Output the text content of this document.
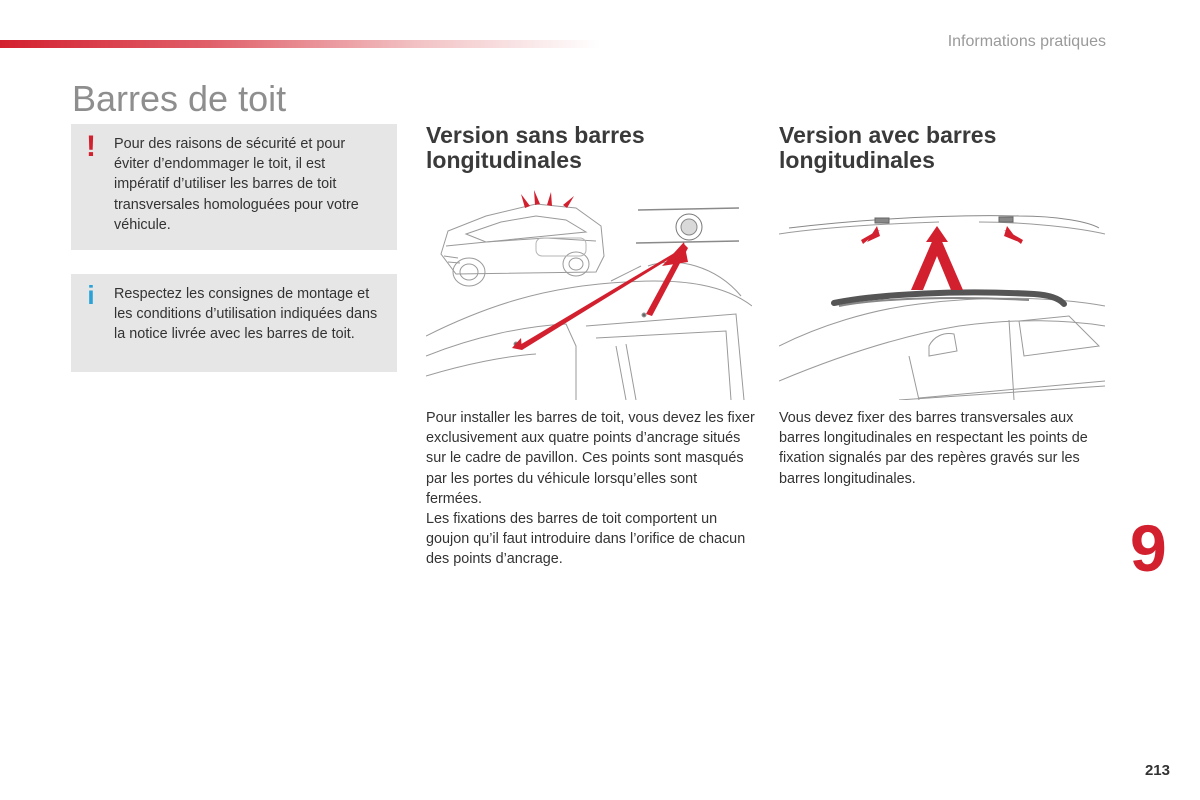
Informations pratiques
Barres de toit
! Pour des raisons de sécurité et pour éviter d’endommager le toit, il est impératif d’utiliser les barres de toit transversales homologuées pour votre véhicule.
i Respectez les consignes de montage et les conditions d’utilisation indiquées dans la notice livrée avec les barres de toit.
Version sans barres longitudinales
Version avec barres longitudinales

Pour installer les barres de toit, vous devez les fixer exclusivement aux quatre points d’ancrage situés sur le cadre de pavillon. Ces points sont masqués par les portes du véhicule lorsqu’elles sont fermées.

Les fixations des barres de toit comportent un goujon qu’il faut introduire dans l’orifice de chacun des points d’ancrage.

Vous devez fixer des barres transversales aux barres longitudinales en respectant les points de fixation signalés par des repères gravés sur les barres longitudinales.

9
213
